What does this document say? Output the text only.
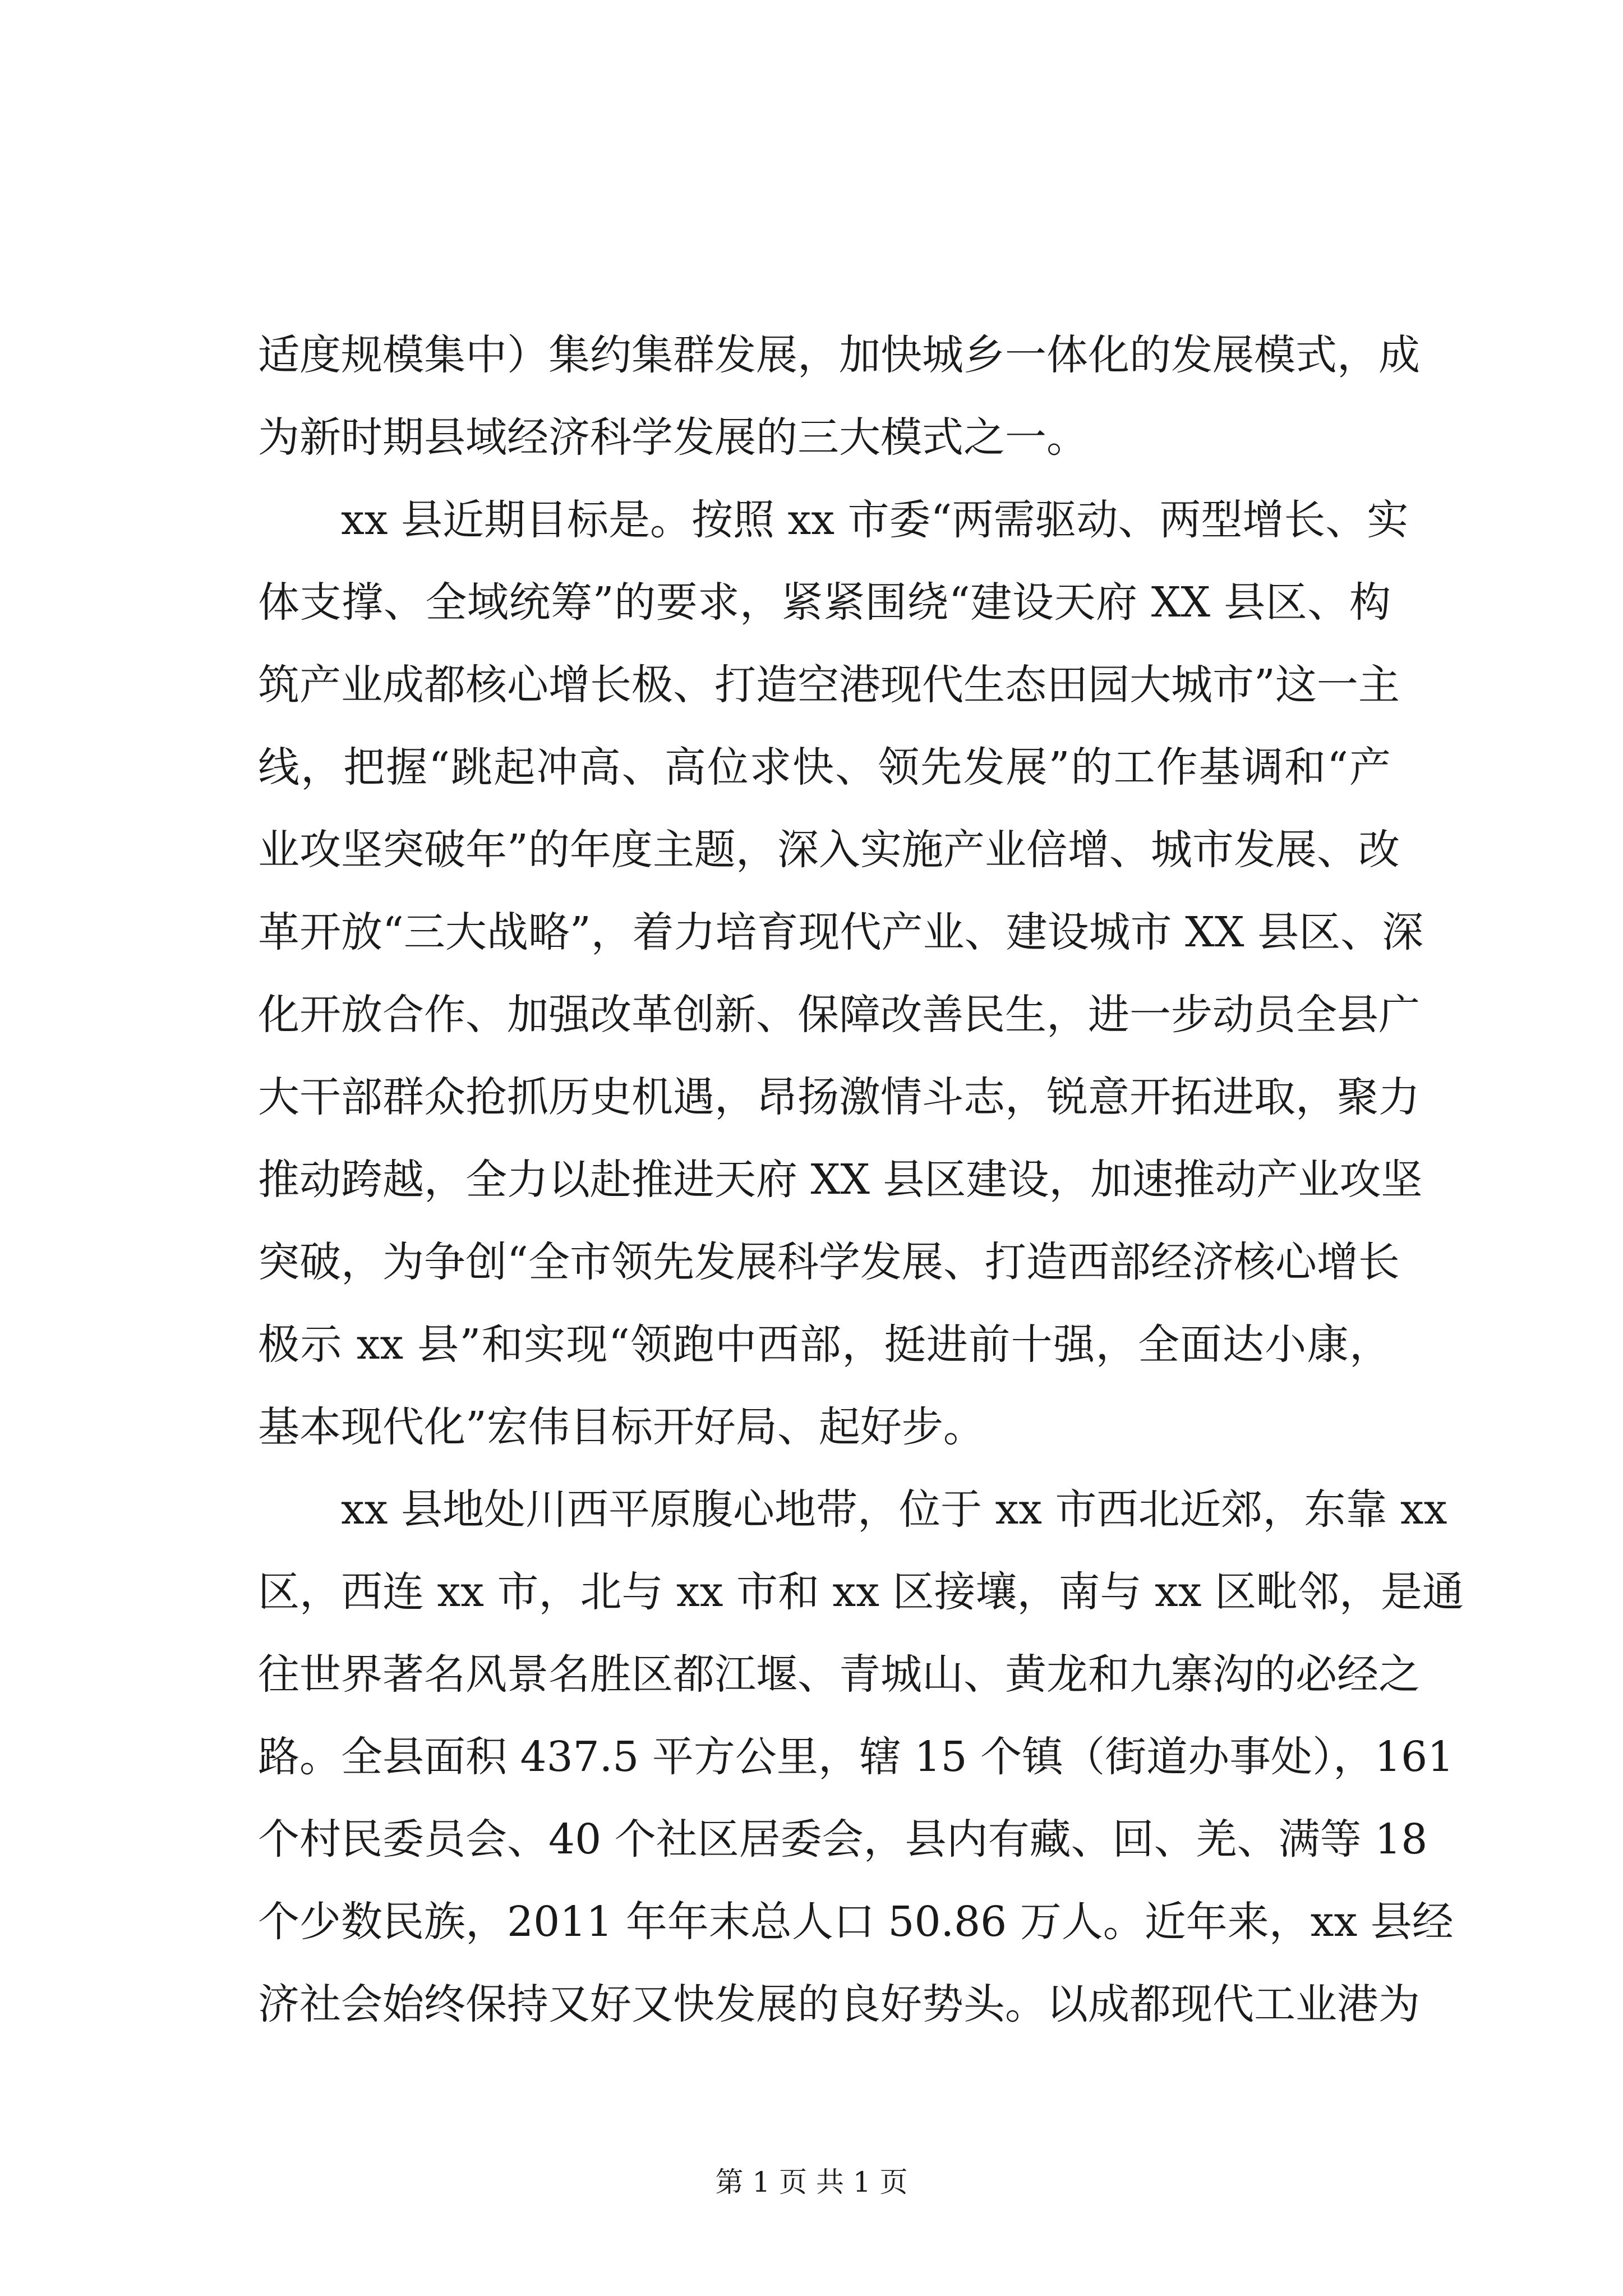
适度规模集中）集约集群发展，加快城乡一体化的发展模式，成
为新时期县域经济科学发展的三大模式之一。
xx 县近期目标是。按照 xx 市委“两需驱动、两型增长、实
体支撑、全域统筹”的要求，紧紧围绕“建设天府 XX 县区、构
筑产业成都核心增长极、打造空港现代生态田园大城市”这一主
线，把握“跳起冲高、高位求快、领先发展”的工作基调和“产
业攻坚突破年”的年度主题，深入实施产业倍增、城市发展、改
革开放“三大战略”，着力培育现代产业、建设城市 XX 县区、深
化开放合作、加强改革创新、保障改善民生，进一步动员全县广
大干部群众抢抓历史机遇，昂扬激情斗志，锐意开拓进取，聚力
推动跨越，全力以赴推进天府 XX 县区建设，加速推动产业攻坚
突破，为争创“全市领先发展科学发展、打造西部经济核心增长
极示 xx 县”和实现“领跑中西部，挺进前十强，全面达小康，
基本现代化”宏伟目标开好局、起好步。
xx 县地处川西平原腹心地带，位于 xx 市西北近郊，东靠 xx
区，西连 xx 市，北与 xx 市和 xx 区接壤，南与 xx 区毗邻，是通
往世界著名风景名胜区都江堰、青城山、黄龙和九寨沟的必经之
路。全县面积 437.5 平方公里，辖 15 个镇（街道办事处），161
个村民委员会、40 个社区居委会，县内有藏、回、羌、满等 18
个少数民族，2011 年年末总人口 50.86 万人。近年来，xx 县经
济社会始终保持又好又快发展的良好势头。以成都现代工业港为
第 1 页 共 1 页
